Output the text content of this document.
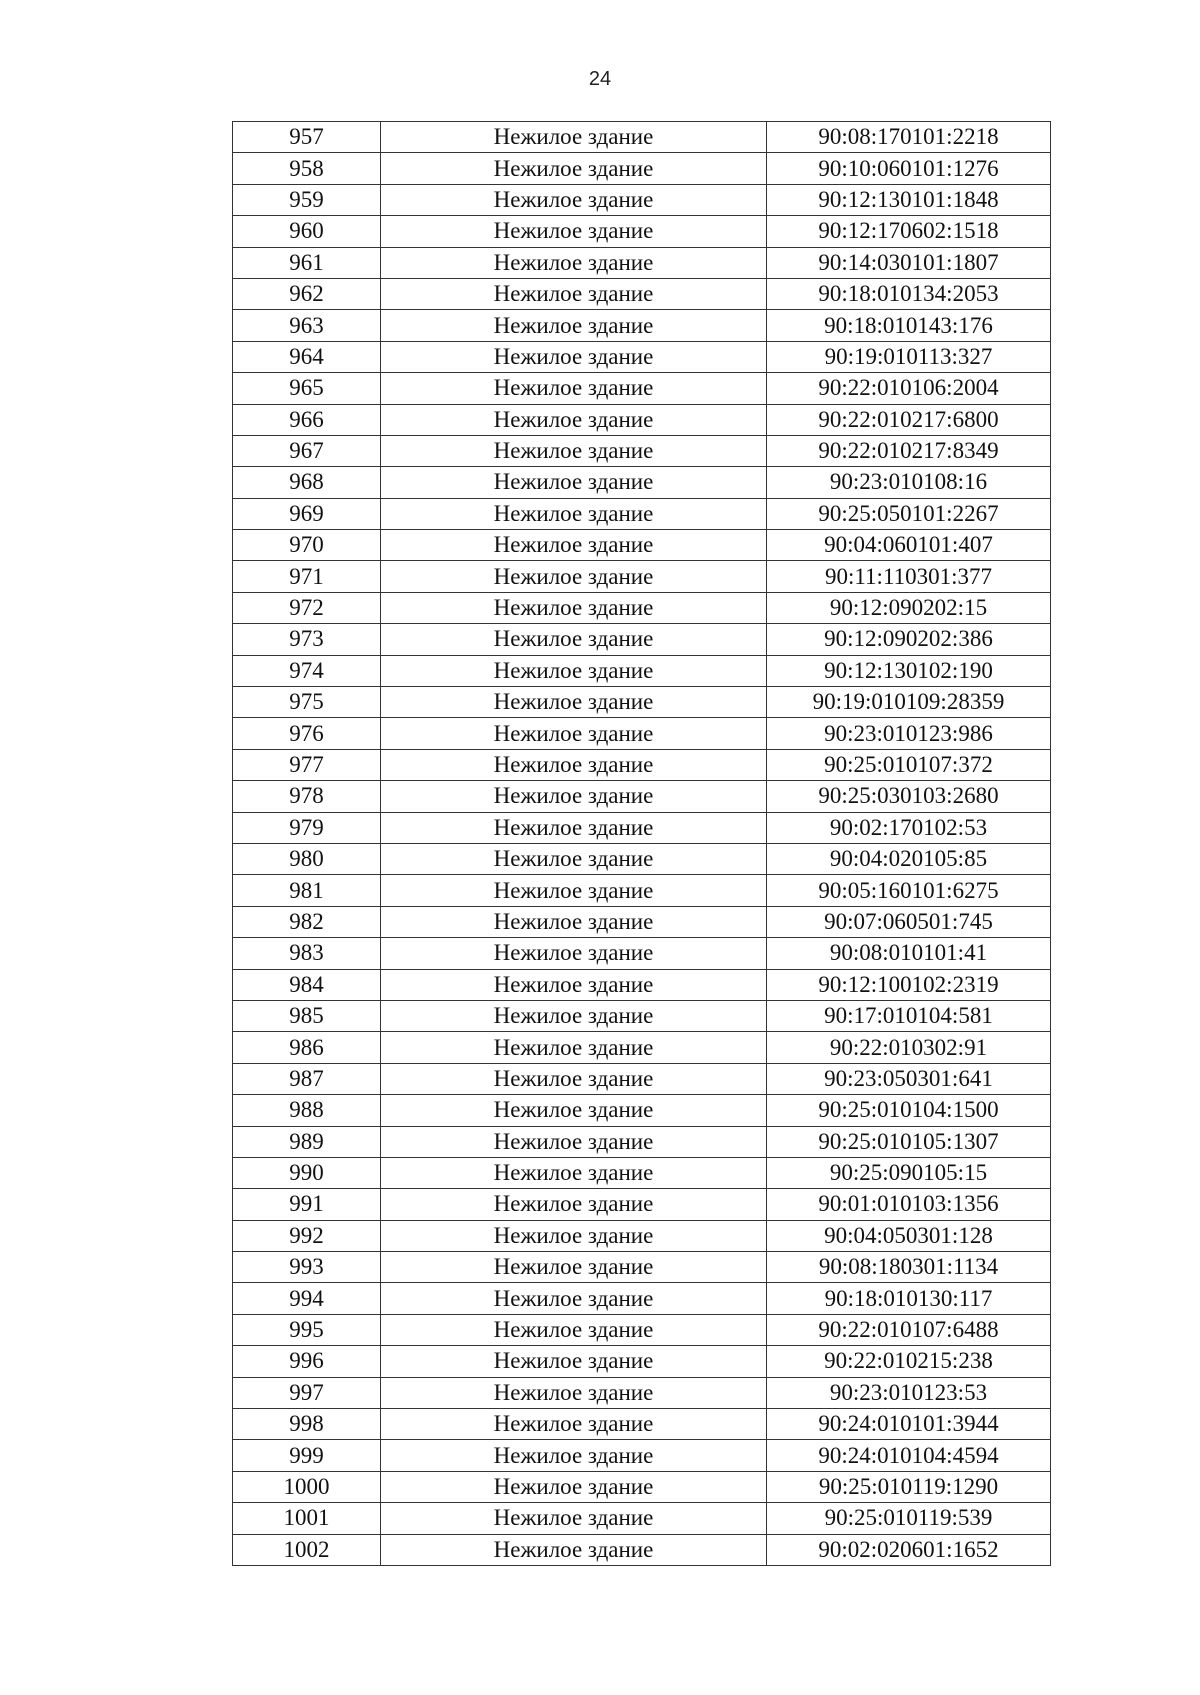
24
957	Нежилое здание	90:08:170101:2218
958	Нежилое здание	90:10:060101:1276
959	Нежилое здание	90:12:130101:1848
960	Нежилое здание	90:12:170602:1518
961	Нежилое здание	90:14:030101:1807
962	Нежилое здание	90:18:010134:2053
963	Нежилое здание	90:18:010143:176
964	Нежилое здание	90:19:010113:327
965	Нежилое здание	90:22:010106:2004
966	Нежилое здание	90:22:010217:6800
967	Нежилое здание	90:22:010217:8349
968	Нежилое здание	90:23:010108:16
969	Нежилое здание	90:25:050101:2267
970	Нежилое здание	90:04:060101:407
971	Нежилое здание	90:11:110301:377
972	Нежилое здание	90:12:090202:15
973	Нежилое здание	90:12:090202:386
974	Нежилое здание	90:12:130102:190
975	Нежилое здание	90:19:010109:28359
976	Нежилое здание	90:23:010123:986
977	Нежилое здание	90:25:010107:372
978	Нежилое здание	90:25:030103:2680
979	Нежилое здание	90:02:170102:53
980	Нежилое здание	90:04:020105:85
981	Нежилое здание	90:05:160101:6275
982	Нежилое здание	90:07:060501:745
983	Нежилое здание	90:08:010101:41
984	Нежилое здание	90:12:100102:2319
985	Нежилое здание	90:17:010104:581
986	Нежилое здание	90:22:010302:91
987	Нежилое здание	90:23:050301:641
988	Нежилое здание	90:25:010104:1500
989	Нежилое здание	90:25:010105:1307
990	Нежилое здание	90:25:090105:15
991	Нежилое здание	90:01:010103:1356
992	Нежилое здание	90:04:050301:128
993	Нежилое здание	90:08:180301:1134
994	Нежилое здание	90:18:010130:117
995	Нежилое здание	90:22:010107:6488
996	Нежилое здание	90:22:010215:238
997	Нежилое здание	90:23:010123:53
998	Нежилое здание	90:24:010101:3944
999	Нежилое здание	90:24:010104:4594
1000	Нежилое здание	90:25:010119:1290
1001	Нежилое здание	90:25:010119:539
1002	Нежилое здание	90:02:020601:1652
